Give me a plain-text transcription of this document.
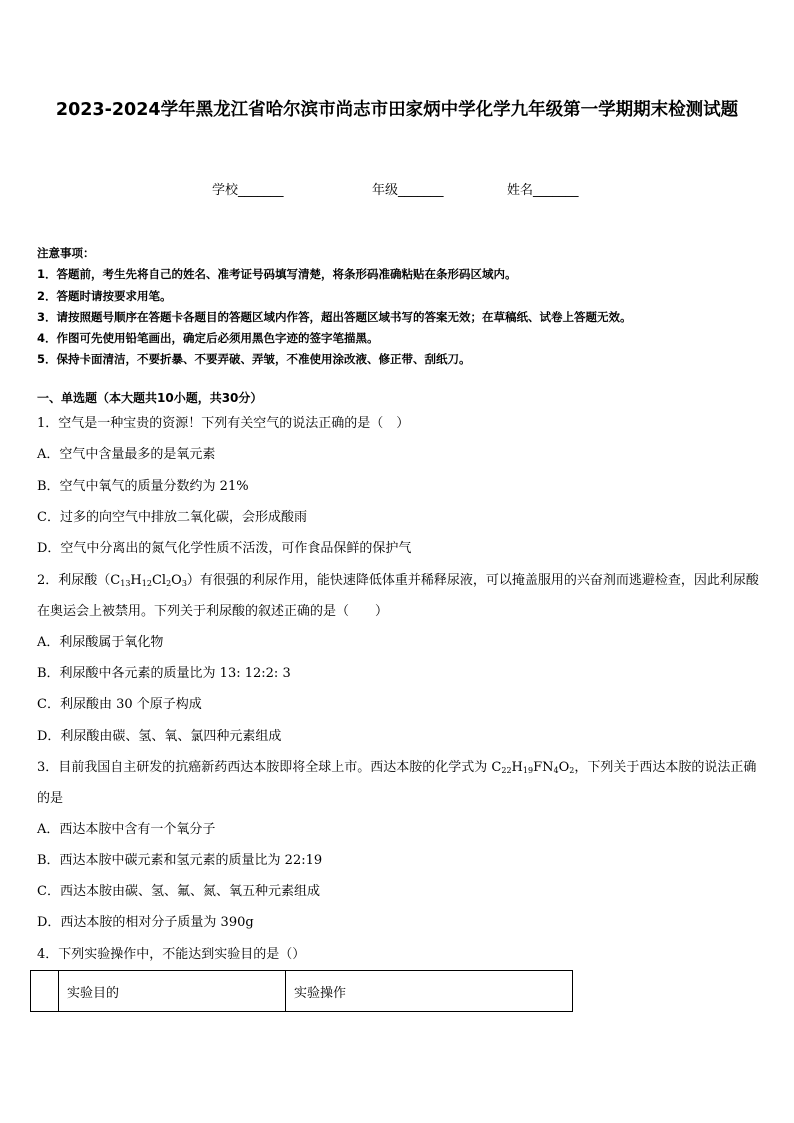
2023-2024学年黑龙江省哈尔滨市尚志市田家炳中学化学九年级第一学期期末检测试题
学校_______	年级_______	姓名_______
注意事项：
1．答题前，考生先将自己的姓名、准考证号码填写清楚，将条形码准确粘贴在条形码区域内。
2．答题时请按要求用笔。
3．请按照题号顺序在答题卡各题目的答题区域内作答，超出答题区域书写的答案无效；在草稿纸、试卷上答题无效。
4．作图可先使用铅笔画出，确定后必须用黑色字迹的签字笔描黑。
5．保持卡面清洁，不要折暴、不要弄破、弄皱，不准使用涂改液、修正带、刮纸刀。
一、单选题（本大题共10小题，共30分）
1．空气是一种宝贵的资源！下列有关空气的说法正确的是（　）
A．空气中含量最多的是氧元素
B．空气中氧气的质量分数约为 21%
C．过多的向空气中排放二氧化碳，会形成酸雨
D．空气中分离出的氮气化学性质不活泼，可作食品保鲜的保护气
2．利尿酸$(C_{13}H_{12}Cl_2O_3)$有很强的利尿作用，能快速降低体重并稀释尿液，可以掩盖服用的兴奋剂而逃避检查，因此利尿酸在奥运会上被禁用。下列关于利尿酸的叙述正确的是（　　）
A．利尿酸属于氧化物
B．利尿酸中各元素的质量比为 13: 12:2: 3
C．利尿酸由 30 个原子构成
D．利尿酸由碳、氢、氧、氯四种元素组成
3．目前我国自主研发的抗癌新药西达本胺即将全球上市。西达本胺的化学式为 $C_{22}H_{19}FN_4O_2$，下列关于西达本胺的说法正确的是
A．西达本胺中含有一个氧分子
B．西达本胺中碳元素和氢元素的质量比为 22:19
C．西达本胺由碳、氢、氟、氮、氧五种元素组成
D．西达本胺的相对分子质量为 390g
4．下列实验操作中，不能达到实验目的是（）
	实验目的	实验操作
